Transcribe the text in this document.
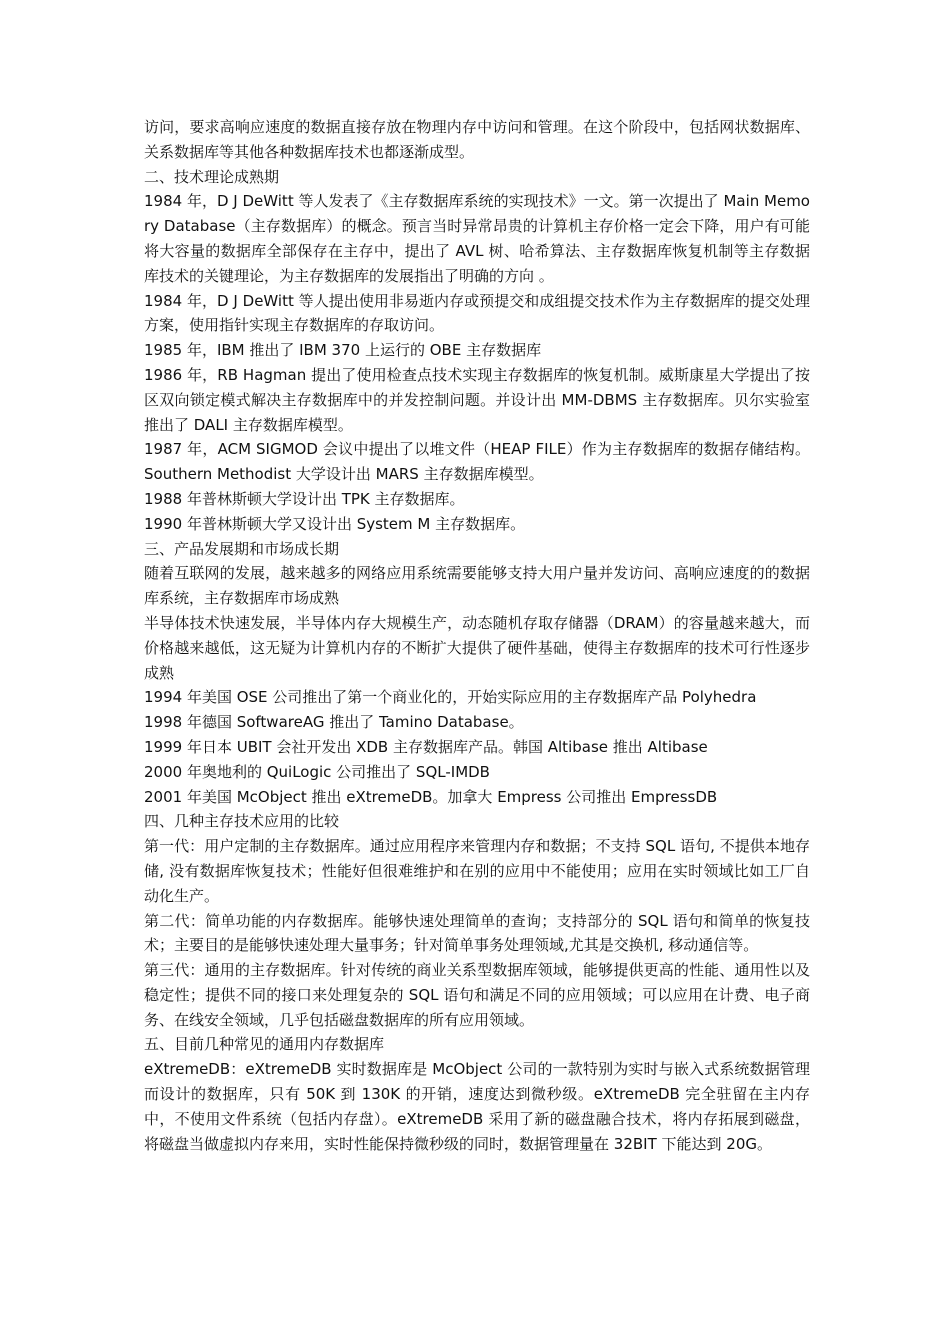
访问，要求高响应速度的数据直接存放在物理内存中访问和管理。在这个阶段中，包括网状数据库、关系数据库等其他各种数据库技术也都逐渐成型。

二、技术理论成熟期

1984 年，D J DeWitt 等人发表了《主存数据库系统的实现技术》一文。第一次提出了 Main Memory Database（主存数据库）的概念。预言当时异常昂贵的计算机主存价格一定会下降，用户有可能将大容量的数据库全部保存在主存中，提出了 AVL 树、哈希算法、主存数据库恢复机制等主存数据库技术的关键理论，为主存数据库的发展指出了明确的方向 。

1984 年，D J DeWitt 等人提出使用非易逝内存或预提交和成组提交技术作为主存数据库的提交处理方案，使用指针实现主存数据库的存取访问。

1985 年，IBM 推出了 IBM 370 上运行的 OBE 主存数据库

1986 年，RB Hagman 提出了使用检查点技术实现主存数据库的恢复机制。威斯康星大学提出了按区双向锁定模式解决主存数据库中的并发控制问题。并设计出 MM-DBMS 主存数据库。贝尔实验室推出了 DALI 主存数据库模型。

1987 年，ACM SIGMOD 会议中提出了以堆文件（HEAP FILE）作为主存数据库的数据存储结构。Southern Methodist 大学设计出 MARS 主存数据库模型。

1988 年普林斯顿大学设计出 TPK 主存数据库。

1990 年普林斯顿大学又设计出 System M 主存数据库。

三、产品发展期和市场成长期

随着互联网的发展，越来越多的网络应用系统需要能够支持大用户量并发访问、高响应速度的的数据库系统，主存数据库市场成熟

半导体技术快速发展，半导体内存大规模生产，动态随机存取存储器（DRAM）的容量越来越大，而价格越来越低，这无疑为计算机内存的不断扩大提供了硬件基础，使得主存数据库的技术可行性逐步成熟

1994 年美国 OSE 公司推出了第一个商业化的，开始实际应用的主存数据库产品 Polyhedra

1998 年德国 SoftwareAG 推出了 Tamino Database。

1999 年日本 UBIT 会社开发出 XDB 主存数据库产品。韩国 Altibase 推出 Altibase

2000 年奥地利的 QuiLogic 公司推出了 SQL-IMDB

2001 年美国 McObject 推出 eXtremeDB。加拿大 Empress 公司推出 EmpressDB

四、几种主存技术应用的比较

第一代：用户定制的主存数据库。通过应用程序来管理内存和数据；不支持 SQL 语句, 不提供本地存储, 没有数据库恢复技术；性能好但很难维护和在别的应用中不能使用；应用在实时领域比如工厂自动化生产。

第二代：简单功能的内存数据库。能够快速处理简单的查询；支持部分的 SQL 语句和简单的恢复技术；主要目的是能够快速处理大量事务；针对简单事务处理领域,尤其是交换机, 移动通信等。

第三代：通用的主存数据库。针对传统的商业关系型数据库领域，能够提供更高的性能、通用性以及稳定性；提供不同的接口来处理复杂的 SQL 语句和满足不同的应用领域；可以应用在计费、电子商务、在线安全领域，几乎包括磁盘数据库的所有应用领域。

五、目前几种常见的通用内存数据库

eXtremeDB：eXtremeDB 实时数据库是 McObject 公司的一款特别为实时与嵌入式系统数据管理而设计的数据库，只有 50K 到 130K 的开销，速度达到微秒级。eXtremeDB 完全驻留在主内存中，不使用文件系统（包括内存盘）。eXtremeDB 采用了新的磁盘融合技术，将内存拓展到磁盘，将磁盘当做虚拟内存来用，实时性能保持微秒级的同时，数据管理量在 32BIT 下能达到 20G。
